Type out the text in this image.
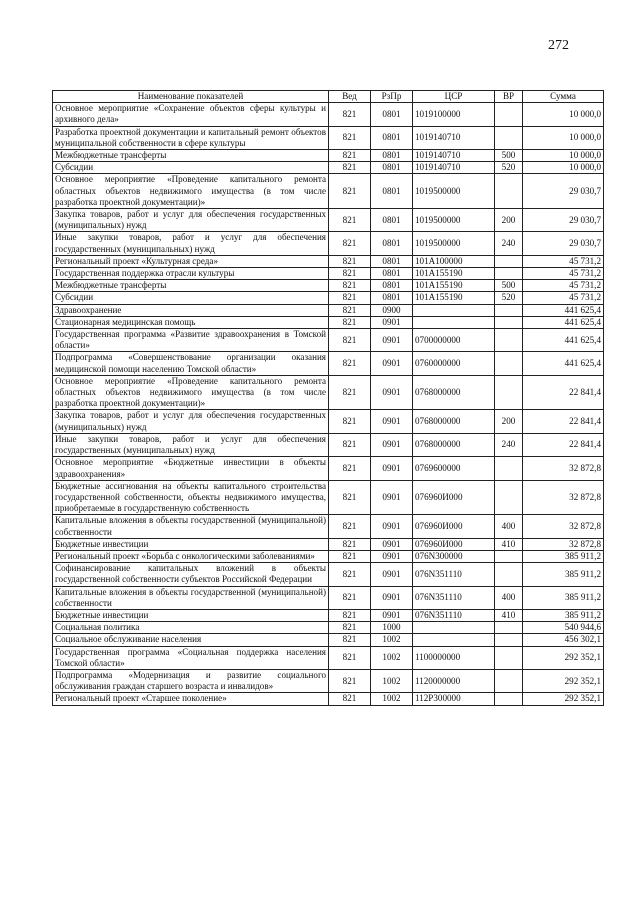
272
Наименование показателей	Вед	РзПр	ЦСР	ВР	Сумма
Основное мероприятие «Сохранение объектов сферы культуры и архивного дела»	821	0801	1019100000		10 000,0
Разработка проектной документации и капитальный ремонт объектов муниципальной собственности в сфере культуры	821	0801	1019140710		10 000,0
Межбюджетные трансферты	821	0801	1019140710	500	10 000,0
Субсидии	821	0801	1019140710	520	10 000,0
Основное мероприятие «Проведение капитального ремонта областных объектов недвижимого имущества (в том числе разработка проектной документации)»	821	0801	1019500000		29 030,7
Закупка товаров, работ и услуг для обеспечения государственных (муниципальных) нужд	821	0801	1019500000	200	29 030,7
Иные закупки товаров, работ и услуг для обеспечения государственных (муниципальных) нужд	821	0801	1019500000	240	29 030,7
Региональный проект «Культурная среда»	821	0801	101A100000		45 731,2
Государственная поддержка отрасли культуры	821	0801	101A155190		45 731,2
Межбюджетные трансферты	821	0801	101A155190	500	45 731,2
Субсидии	821	0801	101A155190	520	45 731,2
Здравоохранение	821	0900			441 625,4
Стационарная медицинская помощь	821	0901			441 625,4
Государственная программа «Развитие здравоохранения в Томской области»	821	0901	0700000000		441 625,4
Подпрограмма «Совершенствование организации оказания медицинской помощи населению Томской области»	821	0901	0760000000		441 625,4
Основное мероприятие «Проведение капитального ремонта областных объектов недвижимого имущества (в том числе разработка проектной документации)»	821	0901	0768000000		22 841,4
Закупка товаров, работ и услуг для обеспечения государственных (муниципальных) нужд	821	0901	0768000000	200	22 841,4
Иные закупки товаров, работ и услуг для обеспечения государственных (муниципальных) нужд	821	0901	0768000000	240	22 841,4
Основное мероприятие «Бюджетные инвестиции в объекты здравоохранения»	821	0901	0769600000		32 872,8
Бюджетные ассигнования на объекты капитального строительства государственной собственности, объекты недвижимого имущества, приобретаемые в государственную собственность	821	0901	076960И000		32 872,8
Капитальные вложения в объекты государственной (муниципальной) собственности	821	0901	076960И000	400	32 872,8
Бюджетные инвестиции	821	0901	076960И000	410	32 872,8
Региональный проект «Борьба с онкологическими заболеваниями»	821	0901	076N300000		385 911,2
Софинансирование капитальных вложений в объекты государственной собственности субъектов Российской Федерации	821	0901	076N351110		385 911,2
Капитальные вложения в объекты государственной (муниципальной) собственности	821	0901	076N351110	400	385 911,2
Бюджетные инвестиции	821	0901	076N351110	410	385 911,2
Социальная политика	821	1000			540 944,6
Социальное обслуживание населения	821	1002			456 302,1
Государственная программа «Социальная поддержка населения Томской области»	821	1002	1100000000		292 352,1
Подпрограмма «Модернизация и развитие социального обслуживания граждан старшего возраста и инвалидов»	821	1002	1120000000		292 352,1
Региональный проект «Старшее поколение»	821	1002	112P300000		292 352,1
